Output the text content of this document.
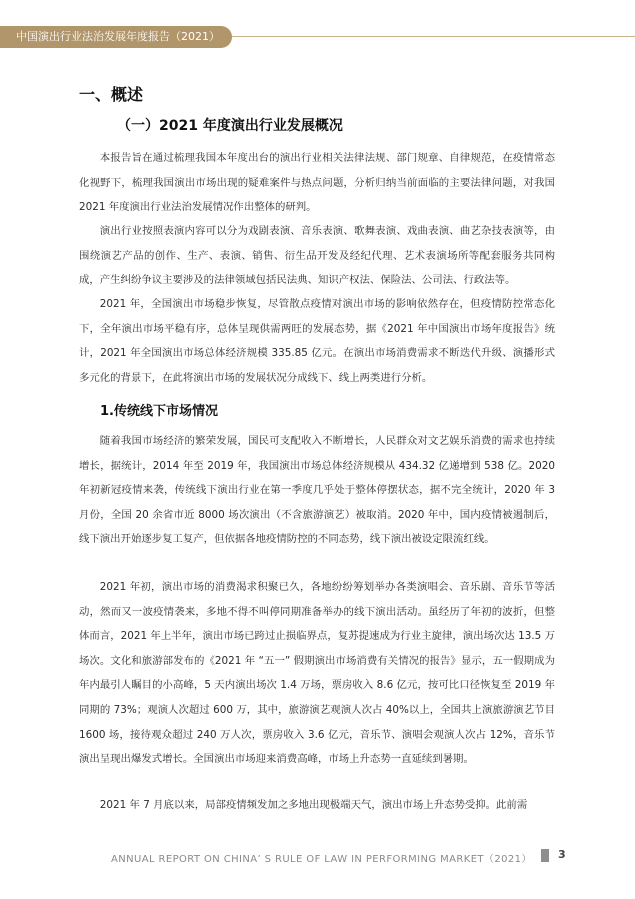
中国演出行业法治发展年度报告（2021）
一、概述
（一）2021 年度演出行业发展概况

本报告旨在通过梳理我国本年度出台的演出行业相关法律法规、部门规章、自律规范，在疫情常态化视野下，梳理我国演出市场出现的疑难案件与热点问题，分析归纳当前面临的主要法律问题，对我国 2021 年度演出行业法治发展情况作出整体的研判。

演出行业按照表演内容可以分为戏剧表演、音乐表演、歌舞表演、戏曲表演、曲艺杂技表演等，由围绕演艺产品的创作、生产、表演、销售、衍生品开发及经纪代理、艺术表演场所等配套服务共同构成，产生纠纷争议主要涉及的法律领域包括民法典、知识产权法、保险法、公司法、行政法等。

2021 年，全国演出市场稳步恢复，尽管散点疫情对演出市场的影响依然存在，但疫情防控常态化下，全年演出市场平稳有序，总体呈现供需两旺的发展态势，据《2021 年中国演出市场年度报告》统计，2021 年全国演出市场总体经济规模 335.85 亿元。在演出市场消费需求不断迭代升级、演播形式多元化的背景下，在此将演出市场的发展状况分成线下、线上两类进行分析。

1.传统线下市场情况

随着我国市场经济的繁荣发展，国民可支配收入不断增长，人民群众对文艺娱乐消费的需求也持续增长，据统计，2014 年至 2019 年，我国演出市场总体经济规模从 434.32 亿递增到 538 亿。2020 年初新冠疫情来袭，传统线下演出行业在第一季度几乎处于整体停摆状态，据不完全统计，2020 年 3 月份，全国 20 余省市近 8000 场次演出（不含旅游演艺）被取消。2020 年中，国内疫情被遏制后，线下演出开始逐步复工复产，但依据各地疫情防控的不同态势，线下演出被设定限流红线。

2021 年初，演出市场的消费渴求积聚已久，各地纷纷筹划举办各类演唱会、音乐剧、音乐节等活动，然而又一波疫情袭来，多地不得不叫停同期准备举办的线下演出活动。虽经历了年初的波折，但整体而言，2021 年上半年，演出市场已跨过止损临界点，复苏提速成为行业主旋律，演出场次达 13.5 万场次。文化和旅游部发布的《2021 年 “五一” 假期演出市场消费有关情况的报告》显示，五一假期成为年内最引人瞩目的小高峰，5 天内演出场次 1.4 万场，票房收入 8.6 亿元，按可比口径恢复至 2019 年同期的 73%；观演人次超过 600 万，其中，旅游演艺观演人次占 40%以上，全国共上演旅游演艺节目 1600 场，接待观众超过 240 万人次，票房收入 3.6 亿元，音乐节、演唱会观演人次占 12%，音乐节演出呈现出爆发式增长。全国演出市场迎来消费高峰，市场上升态势一直延续到暑期。

2021 年 7 月底以来，局部疫情频发加之多地出现极端天气，演出市场上升态势受抑。此前需

ANNUAL REPORT ON CHINA’ S RULE OF LAW IN PERFORMING MARKET（2021） 3
